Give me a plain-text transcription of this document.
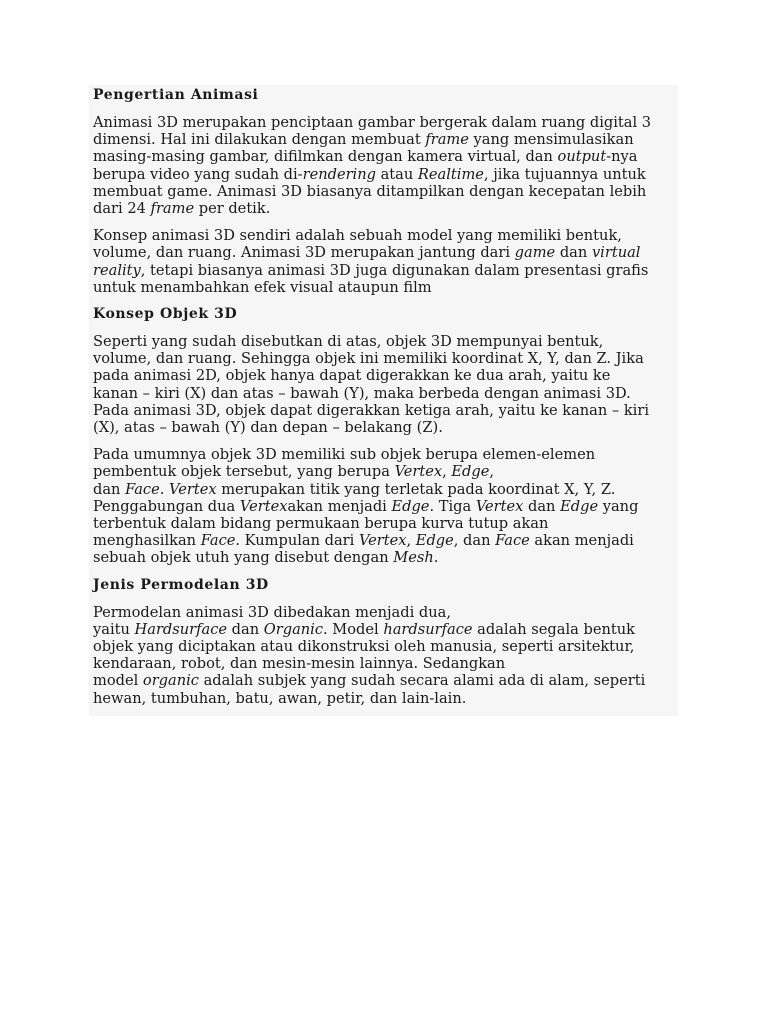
Pengertian Animasi
Animasi 3D merupakan penciptaan gambar bergerak dalam ruang digital 3
dimensi. Hal ini dilakukan dengan membuat frame yang mensimulasikan
masing-masing gambar, difilmkan dengan kamera virtual, dan output-nya
berupa video yang sudah di-rendering atau Realtime, jika tujuannya untuk
membuat game. Animasi 3D biasanya ditampilkan dengan kecepatan lebih
dari 24 frame per detik.
Konsep animasi 3D sendiri adalah sebuah model yang memiliki bentuk,
volume, dan ruang. Animasi 3D merupakan jantung dari game dan virtual
reality, tetapi biasanya animasi 3D juga digunakan dalam presentasi grafis
untuk menambahkan efek visual ataupun film
Konsep Objek 3D
Seperti yang sudah disebutkan di atas, objek 3D mempunyai bentuk,
volume, dan ruang. Sehingga objek ini memiliki koordinat X, Y, dan Z. Jika
pada animasi 2D, objek hanya dapat digerakkan ke dua arah, yaitu ke
kanan – kiri (X) dan atas – bawah (Y), maka berbeda dengan animasi 3D.
Pada animasi 3D, objek dapat digerakkan ketiga arah, yaitu ke kanan – kiri
(X), atas – bawah (Y) dan depan – belakang (Z).
Pada umumnya objek 3D memiliki sub objek berupa elemen-elemen
pembentuk objek tersebut, yang berupa Vertex, Edge,
dan Face. Vertex merupakan titik yang terletak pada koordinat X, Y, Z.
Penggabungan dua Vertexakan menjadi Edge. Tiga Vertex dan Edge yang
terbentuk dalam bidang permukaan berupa kurva tutup akan
menghasilkan Face. Kumpulan dari Vertex, Edge, dan Face akan menjadi
sebuah objek utuh yang disebut dengan Mesh.
Jenis Permodelan 3D
Permodelan animasi 3D dibedakan menjadi dua,
yaitu Hardsurface dan Organic. Model hardsurface adalah segala bentuk
objek yang diciptakan atau dikonstruksi oleh manusia, seperti arsitektur,
kendaraan, robot, dan mesin-mesin lainnya. Sedangkan
model organic adalah subjek yang sudah secara alami ada di alam, seperti
hewan, tumbuhan, batu, awan, petir, dan lain-lain.
